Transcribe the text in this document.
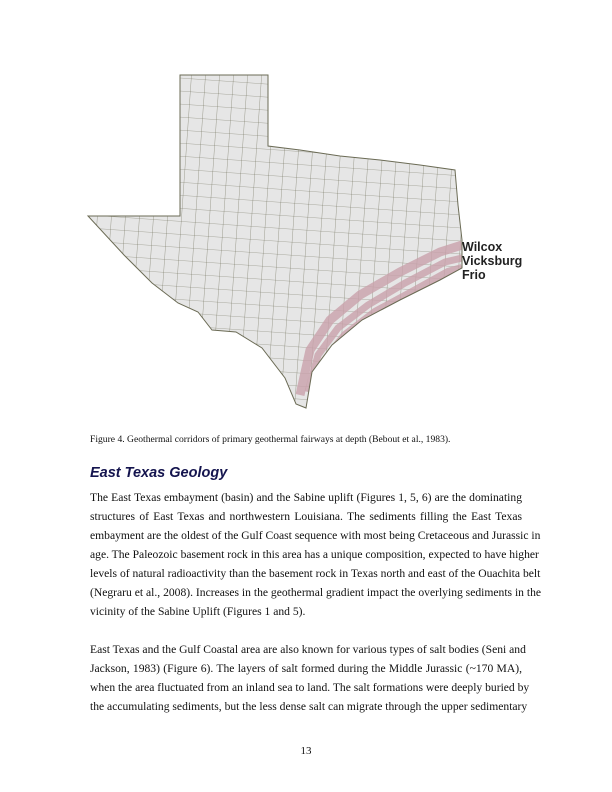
Wilcox
Vicksburg
Frio
Figure 4. Geothermal corridors of primary geothermal fairways at depth (Bebout et al., 1983).
East Texas Geology
The East Texas embayment (basin) and the Sabine uplift (Figures 1, 5, 6) are the dominating
structures of East Texas and northwestern Louisiana. The sediments filling the East Texas
embayment are the oldest of the Gulf Coast sequence with most being Cretaceous and Jurassic in
age. The Paleozoic basement rock in this area has a unique composition, expected to have higher
levels of natural radioactivity than the basement rock in Texas north and east of the Ouachita belt
(Negraru et al., 2008). Increases in the geothermal gradient impact the overlying sediments in the
vicinity of the Sabine Uplift (Figures 1 and 5).
East Texas and the Gulf Coastal area are also known for various types of salt bodies (Seni and
Jackson, 1983) (Figure 6). The layers of salt formed during the Middle Jurassic (~170 MA),
when the area fluctuated from an inland sea to land. The salt formations were deeply buried by
the accumulating sediments, but the less dense salt can migrate through the upper sedimentary
13
